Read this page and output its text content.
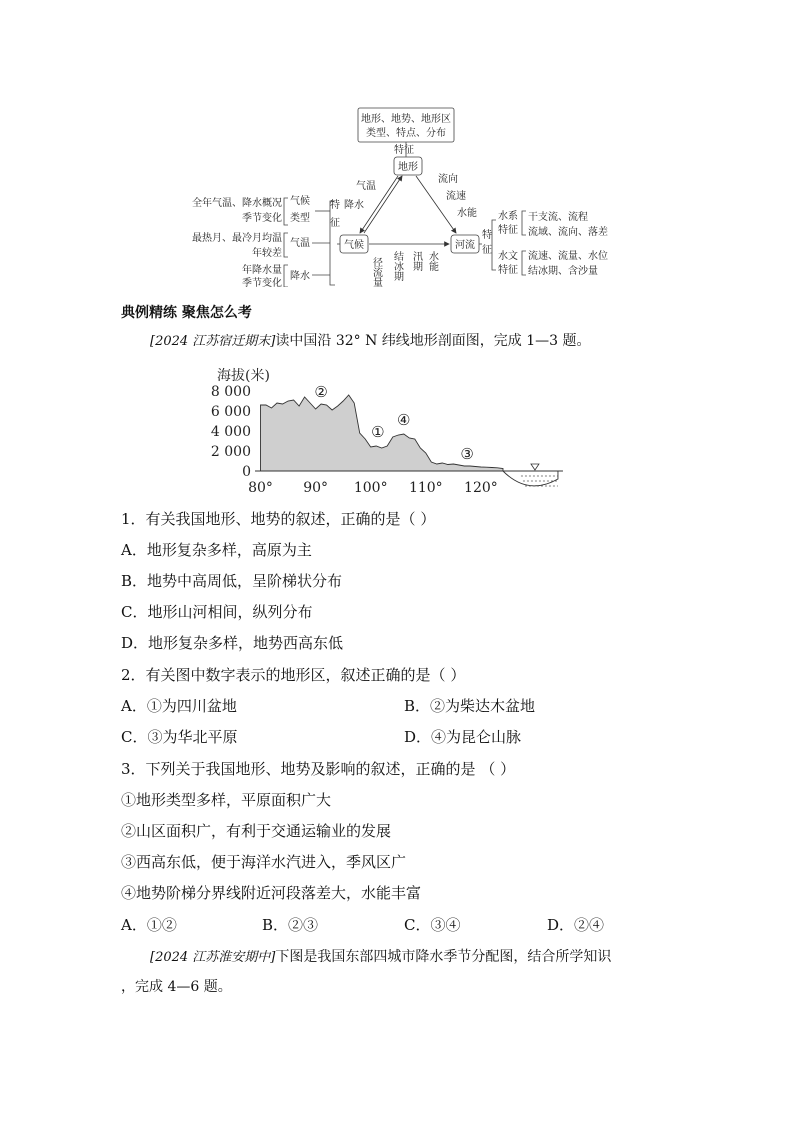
地形、地势、地形区
类型、特点、分布
特征
地形
气候	河流
气温
降水
流向
流速
水能
径流量 结冰期 汛期 水能
特
征
气候
类型
全年气温、降水概况
季节变化
气温
最热月、最冷月均温
年较差
降水
年降水量
季节变化
特
征
水系
特征
干支流、流程
流域、流向、落差
水文
特征
流速、流量、水位
结冰期、含沙量
典例精练 聚焦怎么考
[2024 江苏宿迁期末]读中国沿 32° N 纬线地形剖面图，完成 1—3 题。
海拔(米)
8 000
6 000
4 000
2 000
0
80° 90° 100° 110° 120°
②
①
④
③
1．有关我国地形、地势的叙述，正确的是（ ）
A．地形复杂多样，高原为主
B．地势中高周低，呈阶梯状分布
C．地形山河相间，纵列分布
D．地形复杂多样，地势西高东低
2．有关图中数字表示的地形区，叙述正确的是（ ）
A．①为四川盆地	B．②为柴达木盆地
C．③为华北平原	D．④为昆仑山脉
3．下列关于我国地形、地势及影响的叙述，正确的是 （ ）
①地形类型多样，平原面积广大
②山区面积广，有利于交通运输业的发展
③西高东低，便于海洋水汽进入，季风区广
④地势阶梯分界线附近河段落差大，水能丰富
A．①②	B．②③	C．③④	D．②④
[2024 江苏淮安期中]下图是我国东部四城市降水季节分配图，结合所学知识
，完成 4—6 题。
